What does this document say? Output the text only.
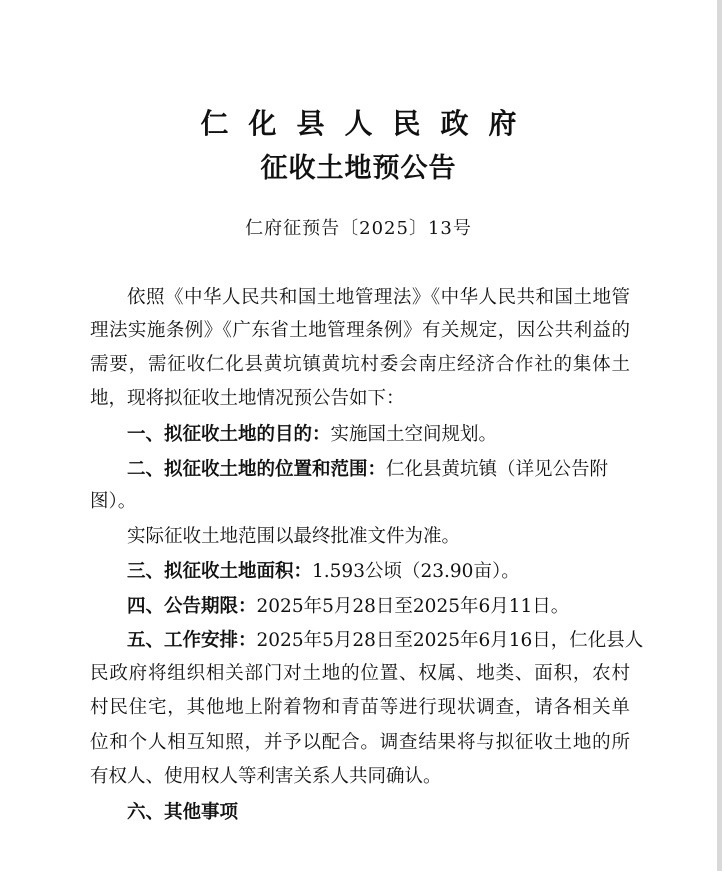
仁化县人民政府
征收土地预公告
仁府征预告〔2025〕13号
依照《中华人民共和国土地管理法》《中华人民共和国土地管
理法实施条例》《广东省土地管理条例》有关规定，因公共利益的
需要，需征收仁化县黄坑镇黄坑村委会南庄经济合作社的集体土
地，现将拟征收土地情况预公告如下：
一、拟征收土地的目的：实施国土空间规划。
二、拟征收土地的位置和范围：仁化县黄坑镇（详见公告附
图）。
实际征收土地范围以最终批准文件为准。
三、拟征收土地面积：1.593公顷（23.90亩）。
四、公告期限：2025年5月28日至2025年6月11日。
五、工作安排：2025年5月28日至2025年6月16日，仁化县人
民政府将组织相关部门对土地的位置、权属、地类、面积，农村
村民住宅，其他地上附着物和青苗等进行现状调查，请各相关单
位和个人相互知照，并予以配合。调查结果将与拟征收土地的所
有权人、使用权人等利害关系人共同确认。
六、其他事项
